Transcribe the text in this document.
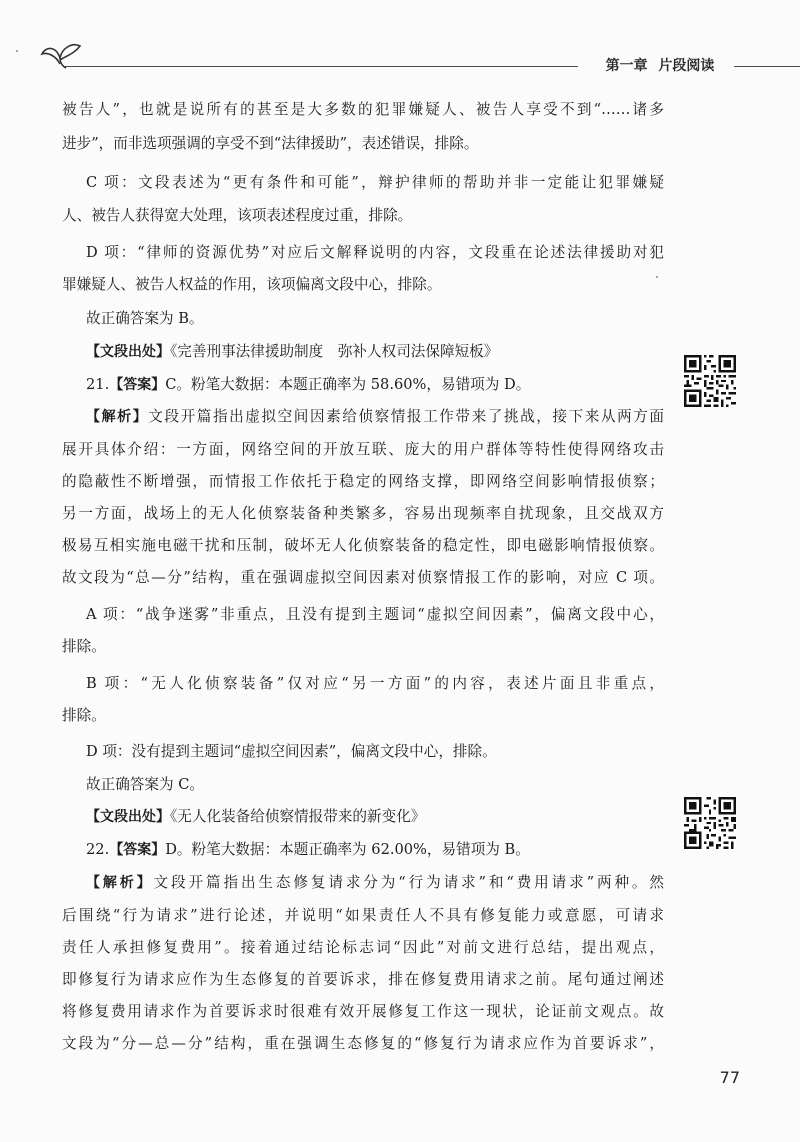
第一章 片段阅读
被告人”，也就是说所有的甚至是大多数的犯罪嫌疑人、被告人享受不到“……诸多
进步”，而非选项强调的享受不到“法律援助”，表述错误，排除。
C 项：文段表述为“更有条件和可能”，辩护律师的帮助并非一定能让犯罪嫌疑
人、被告人获得宽大处理，该项表述程度过重，排除。
D 项：“律师的资源优势”对应后文解释说明的内容，文段重在论述法律援助对犯
罪嫌疑人、被告人权益的作用，该项偏离文段中心，排除。
故正确答案为 B。
【文段出处】《完善刑事法律援助制度　弥补人权司法保障短板》
21.【答案】C。粉笔大数据：本题正确率为 58.60%，易错项为 D。
【解析】文段开篇指出虚拟空间因素给侦察情报工作带来了挑战，接下来从两方面
展开具体介绍：一方面，网络空间的开放互联、庞大的用户群体等特性使得网络攻击
的隐蔽性不断增强，而情报工作依托于稳定的网络支撑，即网络空间影响情报侦察；
另一方面，战场上的无人化侦察装备种类繁多，容易出现频率自扰现象，且交战双方
极易互相实施电磁干扰和压制，破坏无人化侦察装备的稳定性，即电磁影响情报侦察。
故文段为“总—分”结构，重在强调虚拟空间因素对侦察情报工作的影响，对应 C 项。
A 项：“战争迷雾”非重点，且没有提到主题词“虚拟空间因素”，偏离文段中心，
排除。
B 项：“无人化侦察装备”仅对应“另一方面”的内容，表述片面且非重点，
排除。
D 项：没有提到主题词“虚拟空间因素”，偏离文段中心，排除。
故正确答案为 C。
【文段出处】《无人化装备给侦察情报带来的新变化》
22.【答案】D。粉笔大数据：本题正确率为 62.00%，易错项为 B。
【解析】文段开篇指出生态修复请求分为“行为请求”和“费用请求”两种。然
后围绕“行为请求”进行论述，并说明“如果责任人不具有修复能力或意愿，可请求
责任人承担修复费用”。接着通过结论标志词“因此”对前文进行总结，提出观点，
即修复行为请求应作为生态修复的首要诉求，排在修复费用请求之前。尾句通过阐述
将修复费用请求作为首要诉求时很难有效开展修复工作这一现状，论证前文观点。故
文段为“分—总—分”结构，重在强调生态修复的“修复行为请求应作为首要诉求”，
77
